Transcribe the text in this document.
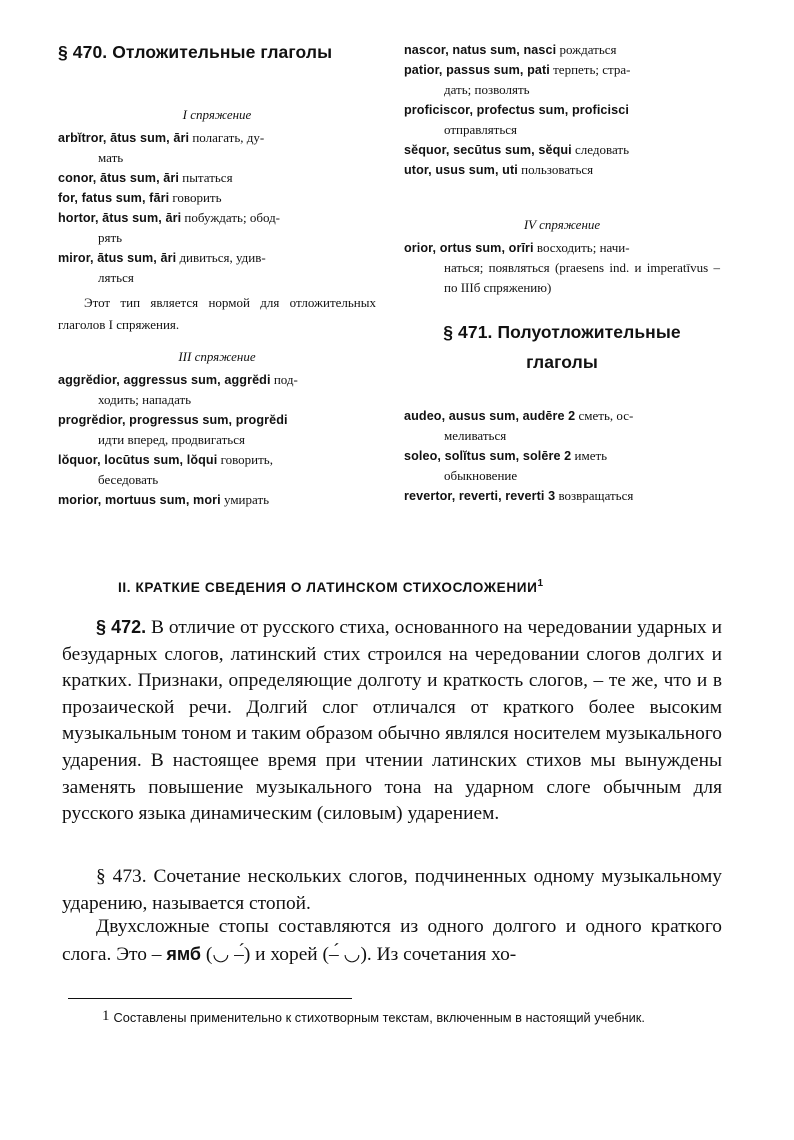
§ 470. Отложительные глаголы

I спряжение

arbĭtror, ātus sum, āri полагать, ду-
мать

conor, ātus sum, āri пытаться

for, fatus sum, fāri говорить

hortor, ātus sum, āri побуждать; обод-
рять

miror, ātus sum, āri дивиться, удив-
ляться

Этот тип является нормой для отложительных глаголов I спряжения.

III спряжение

aggrĕdior, aggressus sum, aggrĕdi под-
ходить; нападать

progrĕdior, progressus sum, progrĕdi
идти вперед, продвигаться

lŏquor, locūtus sum, lŏqui говорить,
беседовать

morior, mortuus sum, mori умирать

nascor, natus sum, nasci рождаться

patior, passus sum, pati терпеть; стра-
дать; позволять

proficiscor, profectus sum, proficisci
отправляться

sĕquor, secūtus sum, sĕqui следовать

utor, usus sum, uti пользоваться

IV спряжение

orior, ortus sum, orīri восходить; начи-
наться; появляться (praesens ind. и imperatīvus – по IIIб спряжению)

§ 471. Полуотложительные
глаголы

audeo, ausus sum, audēre 2 сметь, ос-
меливаться

soleo, solĭtus sum, solēre 2 иметь
обыкновение

revertor, reverti, reverti 3 возвращаться

II. КРАТКИЕ СВЕДЕНИЯ О ЛАТИНСКОМ СТИХОСЛОЖЕНИИ$^1$

§ 472. В отличие от русского стиха, основанного на чередовании ударных и безударных слогов, латинский стих строился на чередовании слогов долгих и кратких. Признаки, определяющие долготу и краткость слогов, – те же, что и в прозаической речи. Долгий слог отличался от краткого более высоким музыкальным тоном и таким образом обычно являлся носителем музыкального ударения. В настоящее время при чтении латинских стихов мы вынуждены заменять повышение музыкального тона на ударном слоге обычным для русского языка динамическим (силовым) ударением.

§ 473. Сочетание нескольких слогов, подчиненных одному музыкальному ударению, называется стопой.

Двухсложные стопы составляются из одного долгого и одного краткого слога. Это – ямб (◡ –́) и хорей (–́ ◡). Из сочетания хо-

1 Составлены применительно к стихотворным текстам, включенным в настоящий учебник.
